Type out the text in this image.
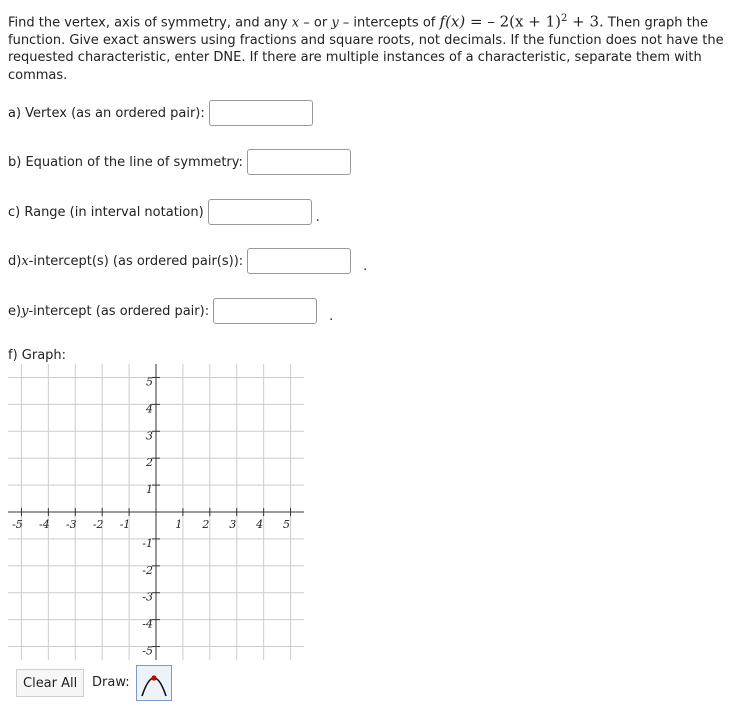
Find the vertex, axis of symmetry, and any x – or y – intercepts of f(x) = – $2(x + 1)^2 + 3$. Then graph the function. Give exact answers using fractions and square roots, not decimals. If the function does not have the requested characteristic, enter DNE. If there are multiple instances of a characteristic, separate them with commas.
a) Vertex (as an ordered pair):
b) Equation of the line of symmetry:
c) Range (in interval notation)	.
d) x -intercept(s) (as ordered pair(s)):	.
e) y -intercept (as ordered pair):	.
f) Graph:
-5 -4 -3 -2 -1	1 2 3 4 5
5
4
3
2
1
-1
-2
-3
-4
-5
Clear All	Draw:
